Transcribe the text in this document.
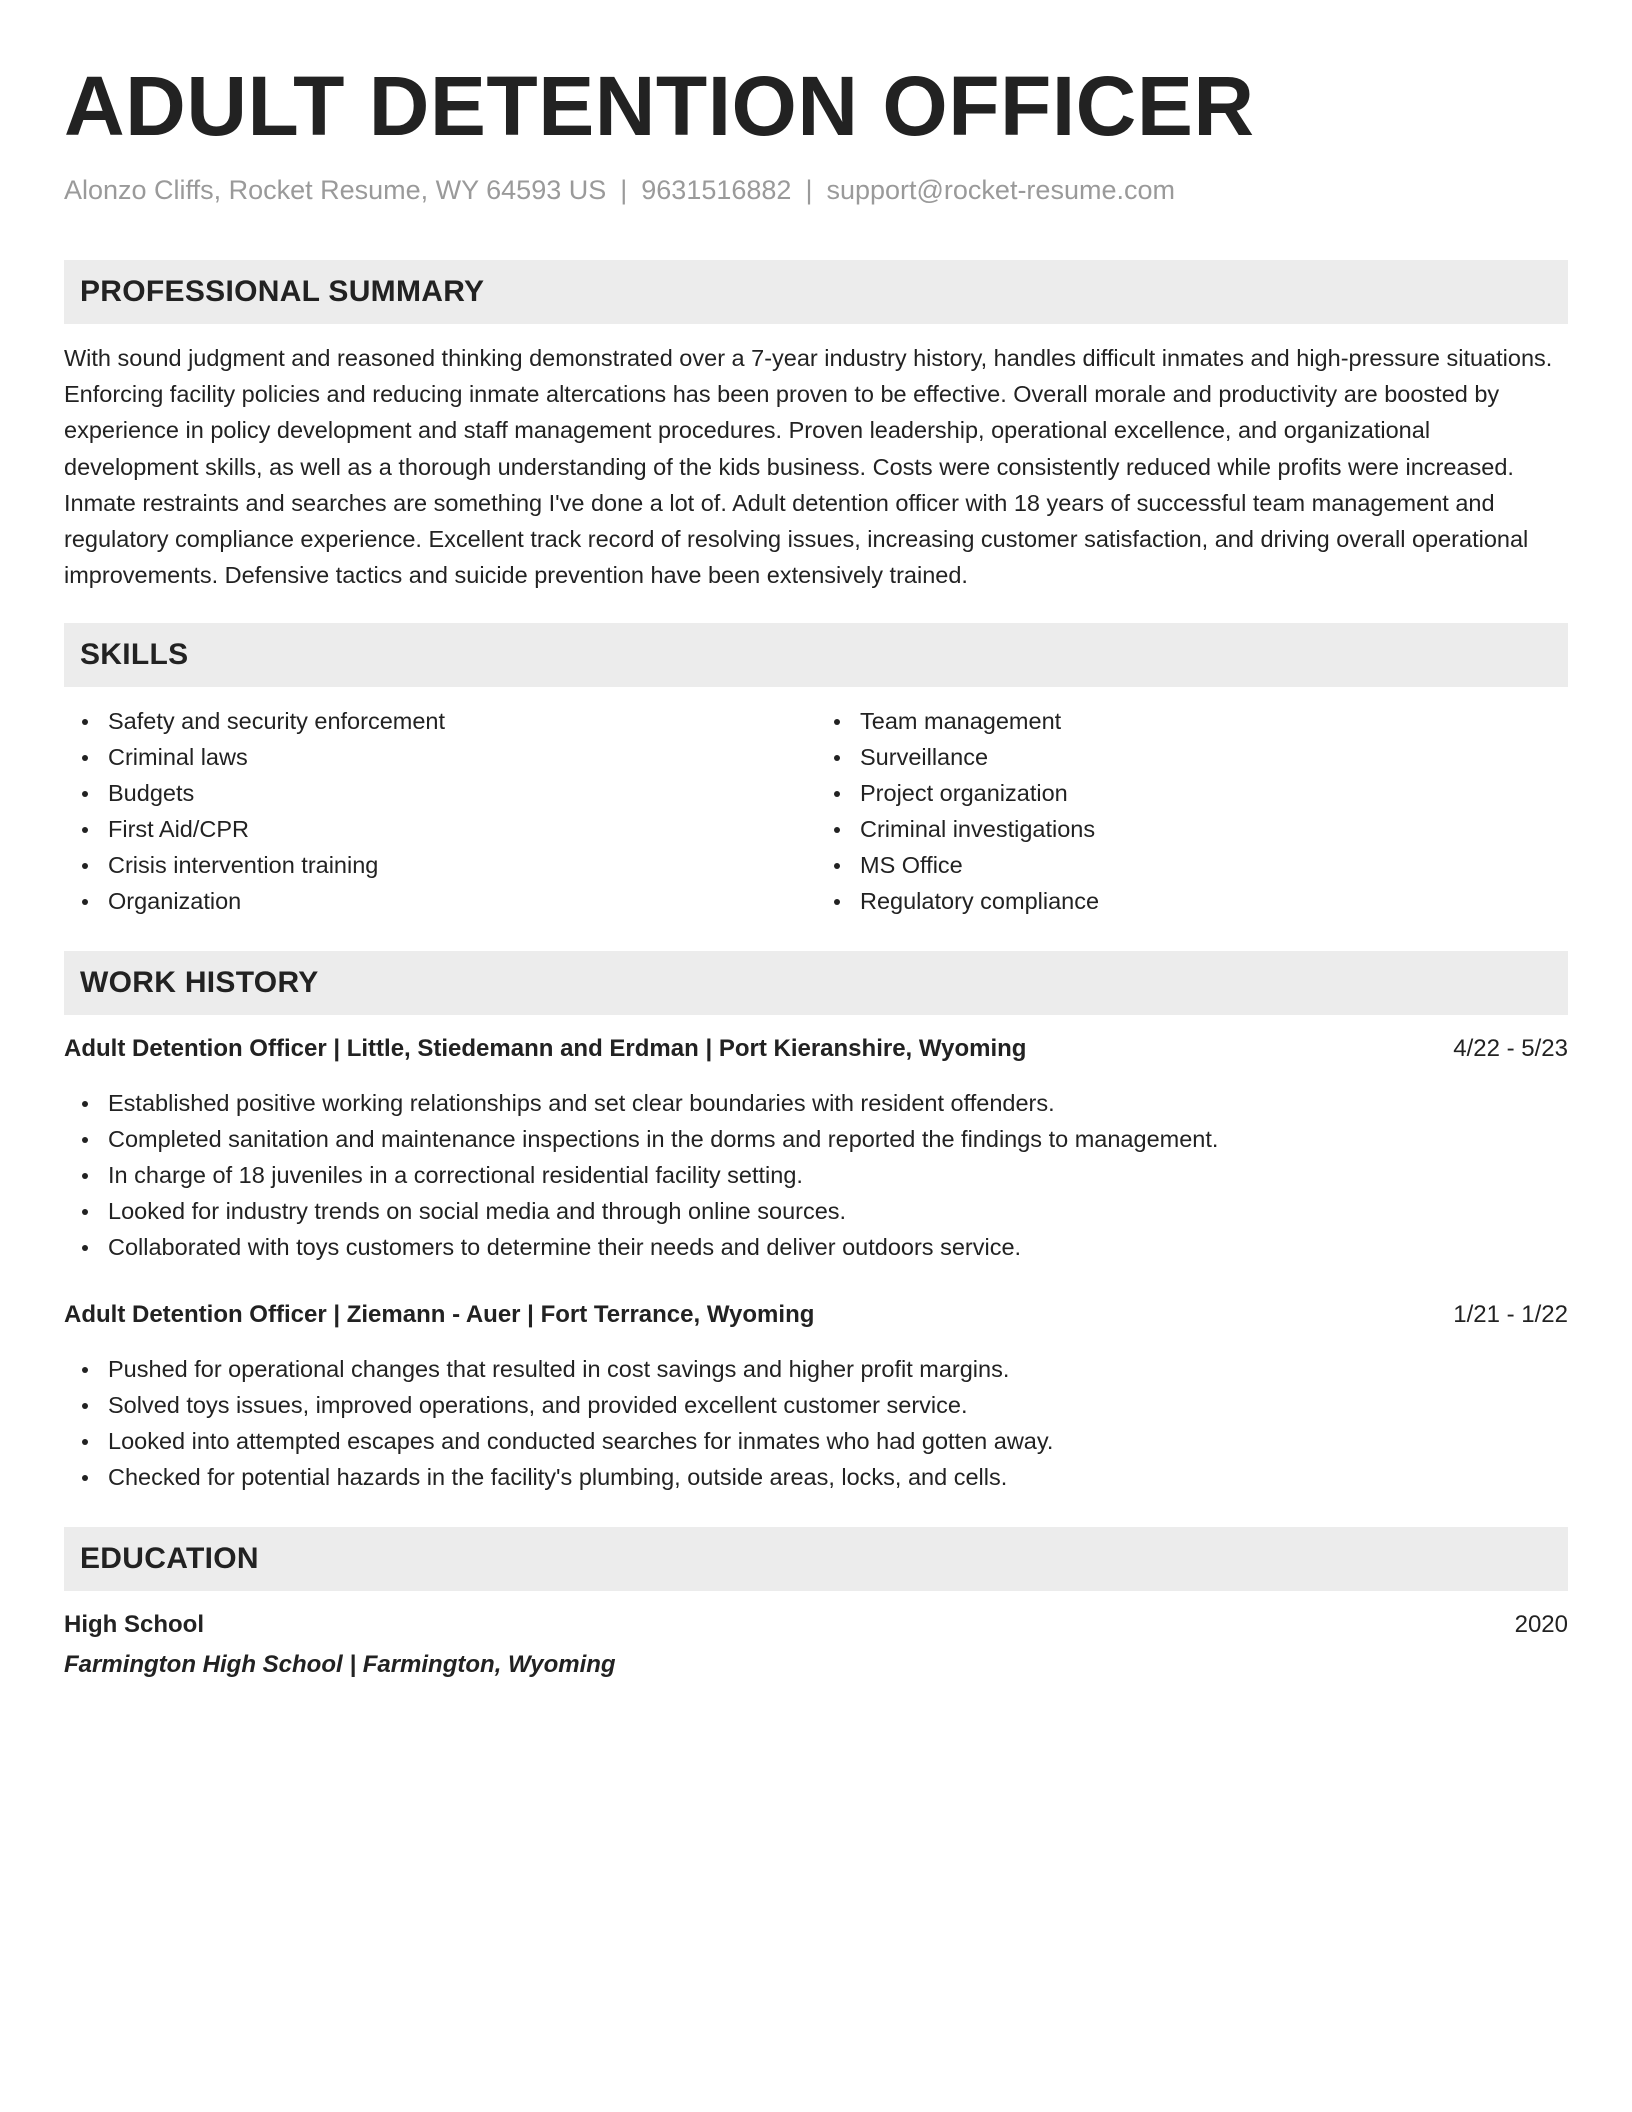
ADULT DETENTION OFFICER
Alonzo Cliffs, Rocket Resume, WY 64593 US | 9631516882 | support@rocket-resume.com
PROFESSIONAL SUMMARY
With sound judgment and reasoned thinking demonstrated over a 7-year industry history, handles difficult inmates and high-pressure situations. Enforcing facility policies and reducing inmate altercations has been proven to be effective. Overall morale and productivity are boosted by experience in policy development and staff management procedures. Proven leadership, operational excellence, and organizational development skills, as well as a thorough understanding of the kids business. Costs were consistently reduced while profits were increased. Inmate restraints and searches are something I've done a lot of. Adult detention officer with 18 years of successful team management and regulatory compliance experience. Excellent track record of resolving issues, increasing customer satisfaction, and driving overall operational improvements. Defensive tactics and suicide prevention have been extensively trained.
SKILLS
Safety and security enforcement
Criminal laws
Budgets
First Aid/CPR
Crisis intervention training
Organization
Team management
Surveillance
Project organization
Criminal investigations
MS Office
Regulatory compliance
WORK HISTORY
Adult Detention Officer | Little, Stiedemann and Erdman | Port Kieranshire, Wyoming	4/22 - 5/23
Established positive working relationships and set clear boundaries with resident offenders.
Completed sanitation and maintenance inspections in the dorms and reported the findings to management.
In charge of 18 juveniles in a correctional residential facility setting.
Looked for industry trends on social media and through online sources.
Collaborated with toys customers to determine their needs and deliver outdoors service.
Adult Detention Officer | Ziemann - Auer | Fort Terrance, Wyoming	1/21 - 1/22
Pushed for operational changes that resulted in cost savings and higher profit margins.
Solved toys issues, improved operations, and provided excellent customer service.
Looked into attempted escapes and conducted searches for inmates who had gotten away.
Checked for potential hazards in the facility's plumbing, outside areas, locks, and cells.
EDUCATION
High School	2020
Farmington High School | Farmington, Wyoming
